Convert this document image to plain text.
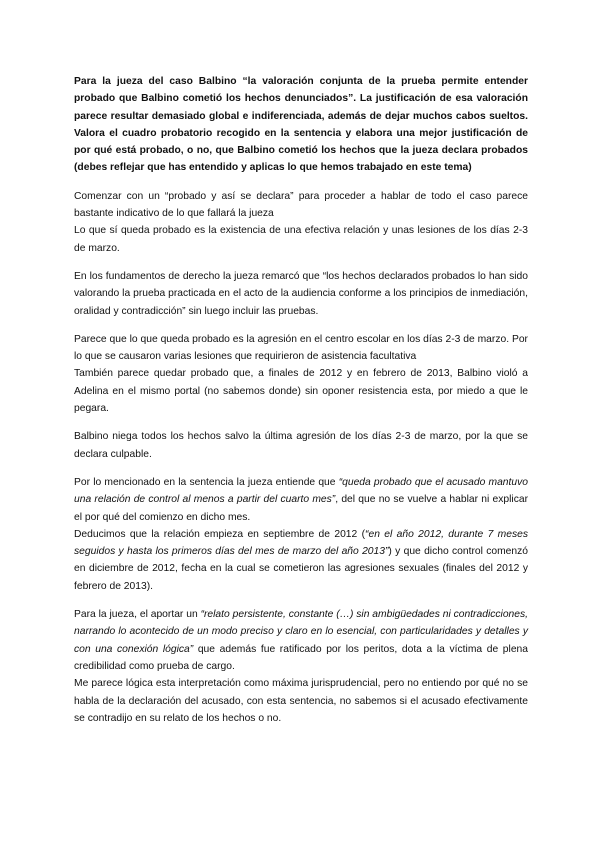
Para la jueza del caso Balbino “la valoración conjunta de la prueba permite entender probado que Balbino cometió los hechos denunciados”. La justificación de esa valoración parece resultar demasiado global e indiferenciada, además de dejar muchos cabos sueltos. Valora el cuadro probatorio recogido en la sentencia y elabora una mejor justificación de por qué está probado, o no, que Balbino cometió los hechos que la jueza declara probados (debes reflejar que has entendido y aplicas lo que hemos trabajado en este tema)

Comenzar con un “probado y así se declara” para proceder a hablar de todo el caso parece bastante indicativo de lo que fallará la jueza
Lo que sí queda probado es la existencia de una efectiva relación y unas lesiones de los días 2-3 de marzo.

En los fundamentos de derecho la jueza remarcó que “los hechos declarados probados lo han sido valorando la prueba practicada en el acto de la audiencia conforme a los principios de inmediación, oralidad y contradicción” sin luego incluir las pruebas.

Parece que lo que queda probado es la agresión en el centro escolar en los días 2-3 de marzo. Por lo que se causaron varias lesiones que requirieron de asistencia facultativa
También parece quedar probado que, a finales de 2012 y en febrero de 2013, Balbino violó a Adelina en el mismo portal (no sabemos donde) sin oponer resistencia esta, por miedo a que le pegara.

Balbino niega todos los hechos salvo la última agresión de los días 2-3 de marzo, por la que se declara culpable.

Por lo mencionado en la sentencia la jueza entiende que “queda probado que el acusado mantuvo una relación de control al menos a partir del cuarto mes”, del que no se vuelve a hablar ni explicar el por qué del comienzo en dicho mes.

Deducimos que la relación empieza en septiembre de 2012 (“en el año 2012, durante 7 meses seguidos y hasta los primeros días del mes de marzo del año 2013”) y que dicho control comenzó en diciembre de 2012, fecha en la cual se cometieron las agresiones sexuales (finales del 2012 y febrero de 2013).

Para la jueza, el aportar un “relato persistente, constante (…) sin ambigüedades ni contradicciones, narrando lo acontecido de un modo preciso y claro en lo esencial, con particularidades y detalles y con una conexión lógica” que además fue ratificado por los peritos, dota a la víctima de plena credibilidad como prueba de cargo.

Me parece lógica esta interpretación como máxima jurisprudencial, pero no entiendo por qué no se habla de la declaración del acusado, con esta sentencia, no sabemos si el acusado efectivamente se contradijo en su relato de los hechos o no.
